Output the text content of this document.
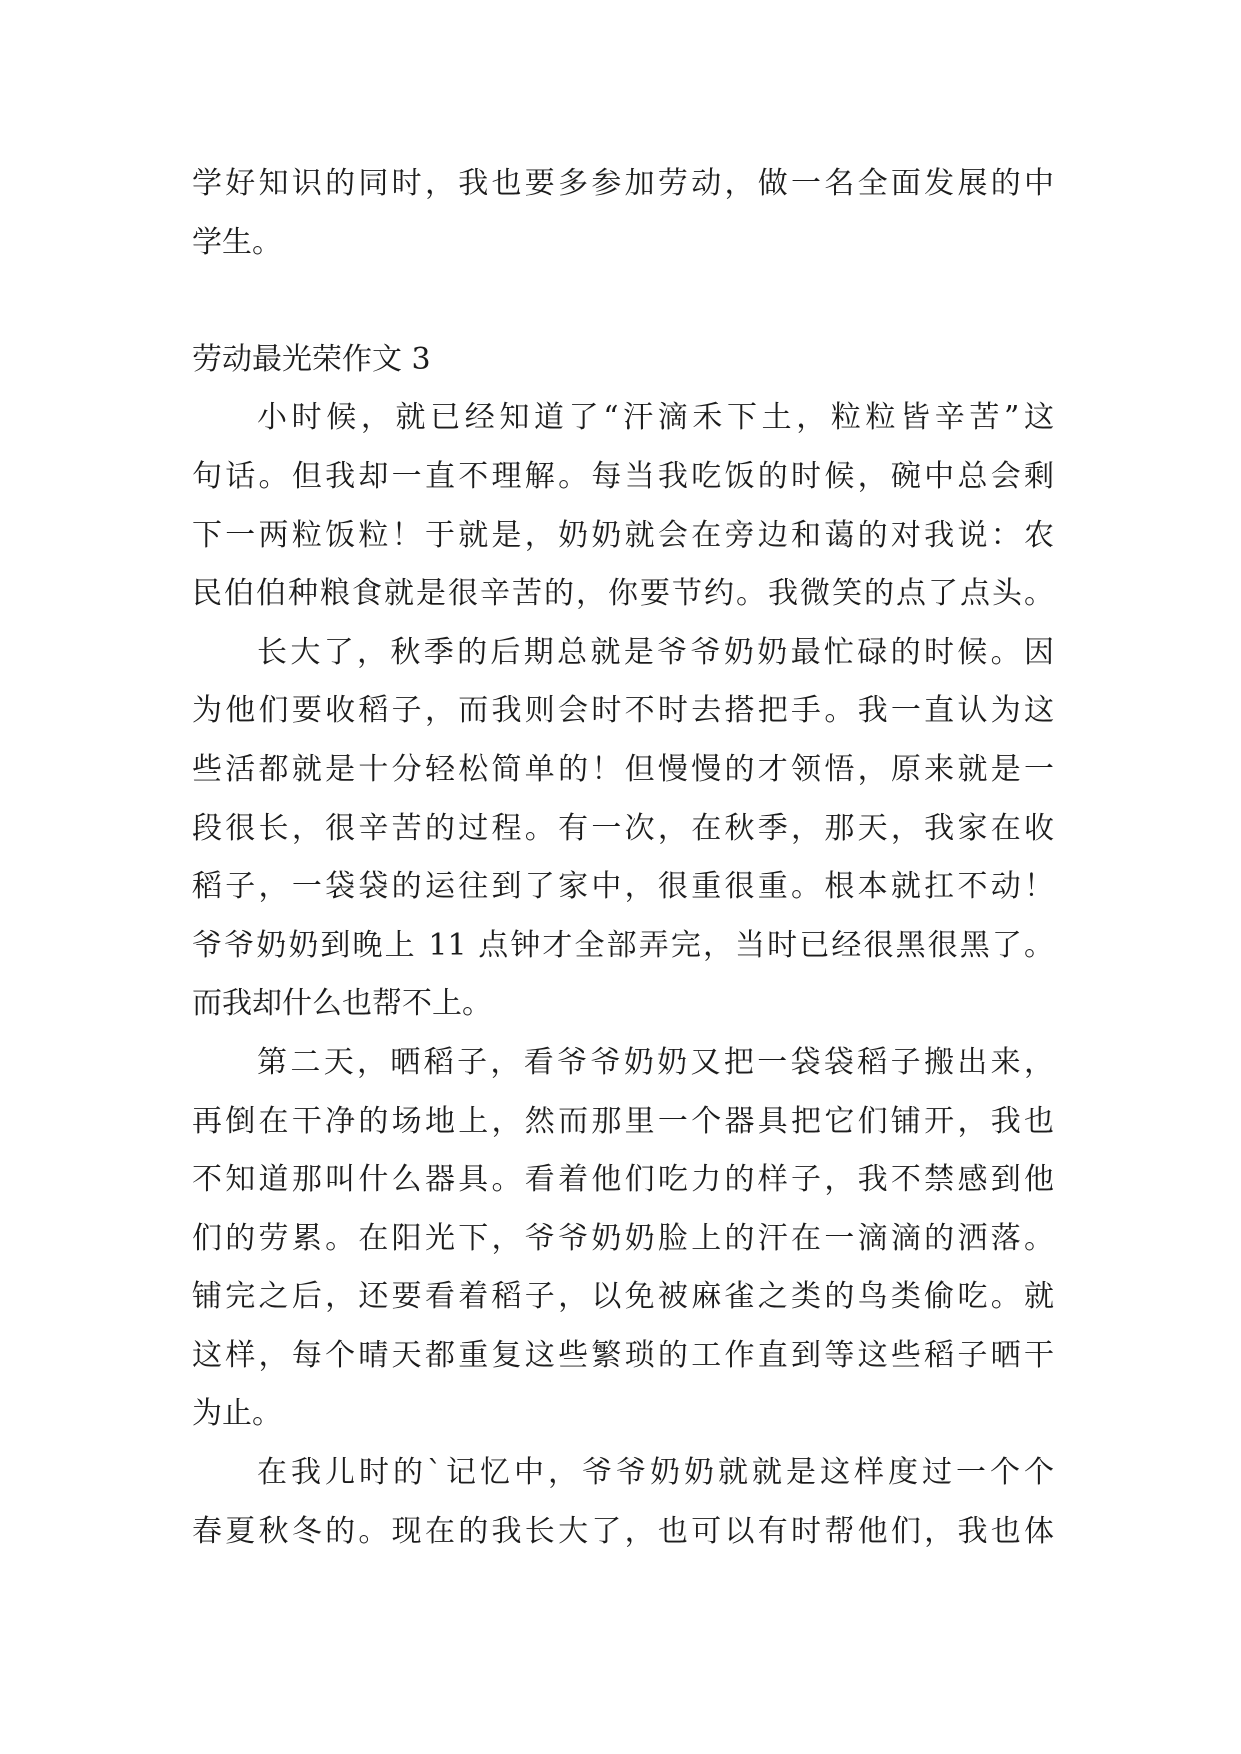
学好知识的同时，我也要多参加劳动，做一名全面发展的中
学生。
劳动最光荣作文 3
小时候，就已经知道了“汗滴禾下土，粒粒皆辛苦”这
句话。但我却一直不理解。每当我吃饭的时候，碗中总会剩
下一两粒饭粒！于就是，奶奶就会在旁边和蔼的对我说：农
民伯伯种粮食就是很辛苦的，你要节约。我微笑的点了点头。
长大了，秋季的后期总就是爷爷奶奶最忙碌的时候。因
为他们要收稻子，而我则会时不时去搭把手。我一直认为这
些活都就是十分轻松简单的！但慢慢的才领悟，原来就是一
段很长，很辛苦的过程。有一次，在秋季，那天，我家在收
稻子，一袋袋的运往到了家中，很重很重。根本就扛不动！
爷爷奶奶到晚上 11 点钟才全部弄完，当时已经很黑很黑了。
而我却什么也帮不上。
第二天，晒稻子，看爷爷奶奶又把一袋袋稻子搬出来，
再倒在干净的场地上，然而那里一个器具把它们铺开，我也
不知道那叫什么器具。看着他们吃力的样子，我不禁感到他
们的劳累。在阳光下，爷爷奶奶脸上的汗在一滴滴的洒落。
铺完之后，还要看着稻子，以免被麻雀之类的鸟类偷吃。就
这样，每个晴天都重复这些繁琐的工作直到等这些稻子晒干
为止。
在我儿时的`记忆中，爷爷奶奶就就是这样度过一个个
春夏秋冬的。现在的我长大了，也可以有时帮他们，我也体
